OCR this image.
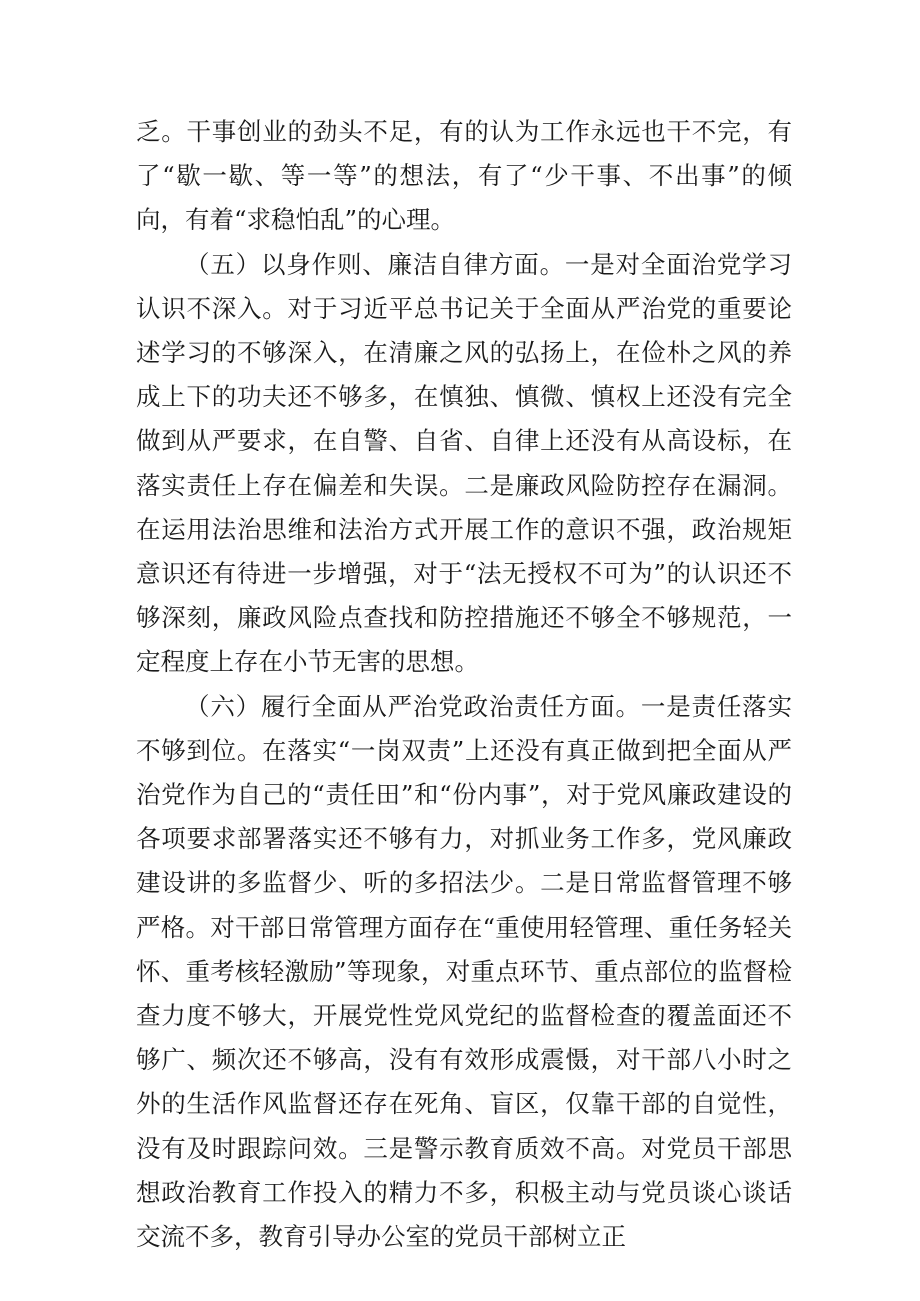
乏。干事创业的劲头不足，有的认为工作永远也干不完，有了“歇一歇、等一等”的想法，有了“少干事、不出事”的倾向，有着“求稳怕乱”的心理。

（五）以身作则、廉洁自律方面。一是对全面治党学习认识不深入。对于习近平总书记关于全面从严治党的重要论述学习的不够深入，在清廉之风的弘扬上，在俭朴之风的养成上下的功夫还不够多，在慎独、慎微、慎权上还没有完全做到从严要求，在自警、自省、自律上还没有从高设标，在落实责任上存在偏差和失误。二是廉政风险防控存在漏洞。在运用法治思维和法治方式开展工作的意识不强，政治规矩意识还有待进一步增强，对于“法无授权不可为”的认识还不够深刻，廉政风险点查找和防控措施还不够全不够规范，一定程度上存在小节无害的思想。

（六）履行全面从严治党政治责任方面。一是责任落实不够到位。在落实“一岗双责”上还没有真正做到把全面从严治党作为自己的“责任田”和“份内事”，对于党风廉政建设的各项要求部署落实还不够有力，对抓业务工作多，党风廉政建设讲的多监督少、听的多招法少。二是日常监督管理不够严格。对干部日常管理方面存在“重使用轻管理、重任务轻关怀、重考核轻激励”等现象，对重点环节、重点部位的监督检查力度不够大，开展党性党风党纪的监督检查的覆盖面还不够广、频次还不够高，没有有效形成震慑，对干部八小时之外的生活作风监督还存在死角、盲区，仅靠干部的自觉性，没有及时跟踪问效。三是警示教育质效不高。对党员干部思想政治教育工作投入的精力不多，积极主动与党员谈心谈话交流不多，教育引导办公室的党员干部树立正
